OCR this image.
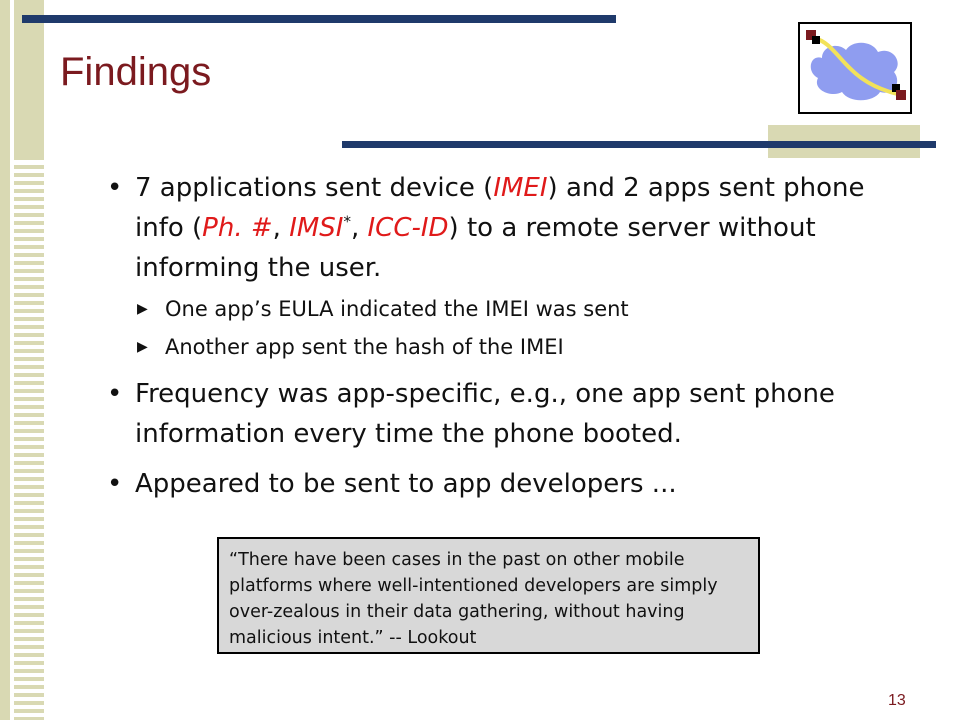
Findings
• 7 applications sent device (IMEI) and 2 apps sent phone info (Ph. #, IMSI*, ICC-ID) to a remote server without informing the user.
▶ One app’s EULA indicated the IMEI was sent
▶ Another app sent the hash of the IMEI
• Frequency was app-specific, e.g., one app sent phone information every time the phone booted.
• Appeared to be sent to app developers ...
“There have been cases in the past on other mobile platforms where well-intentioned developers are simply over-zealous in their data gathering, without having malicious intent.” -- Lookout
13
